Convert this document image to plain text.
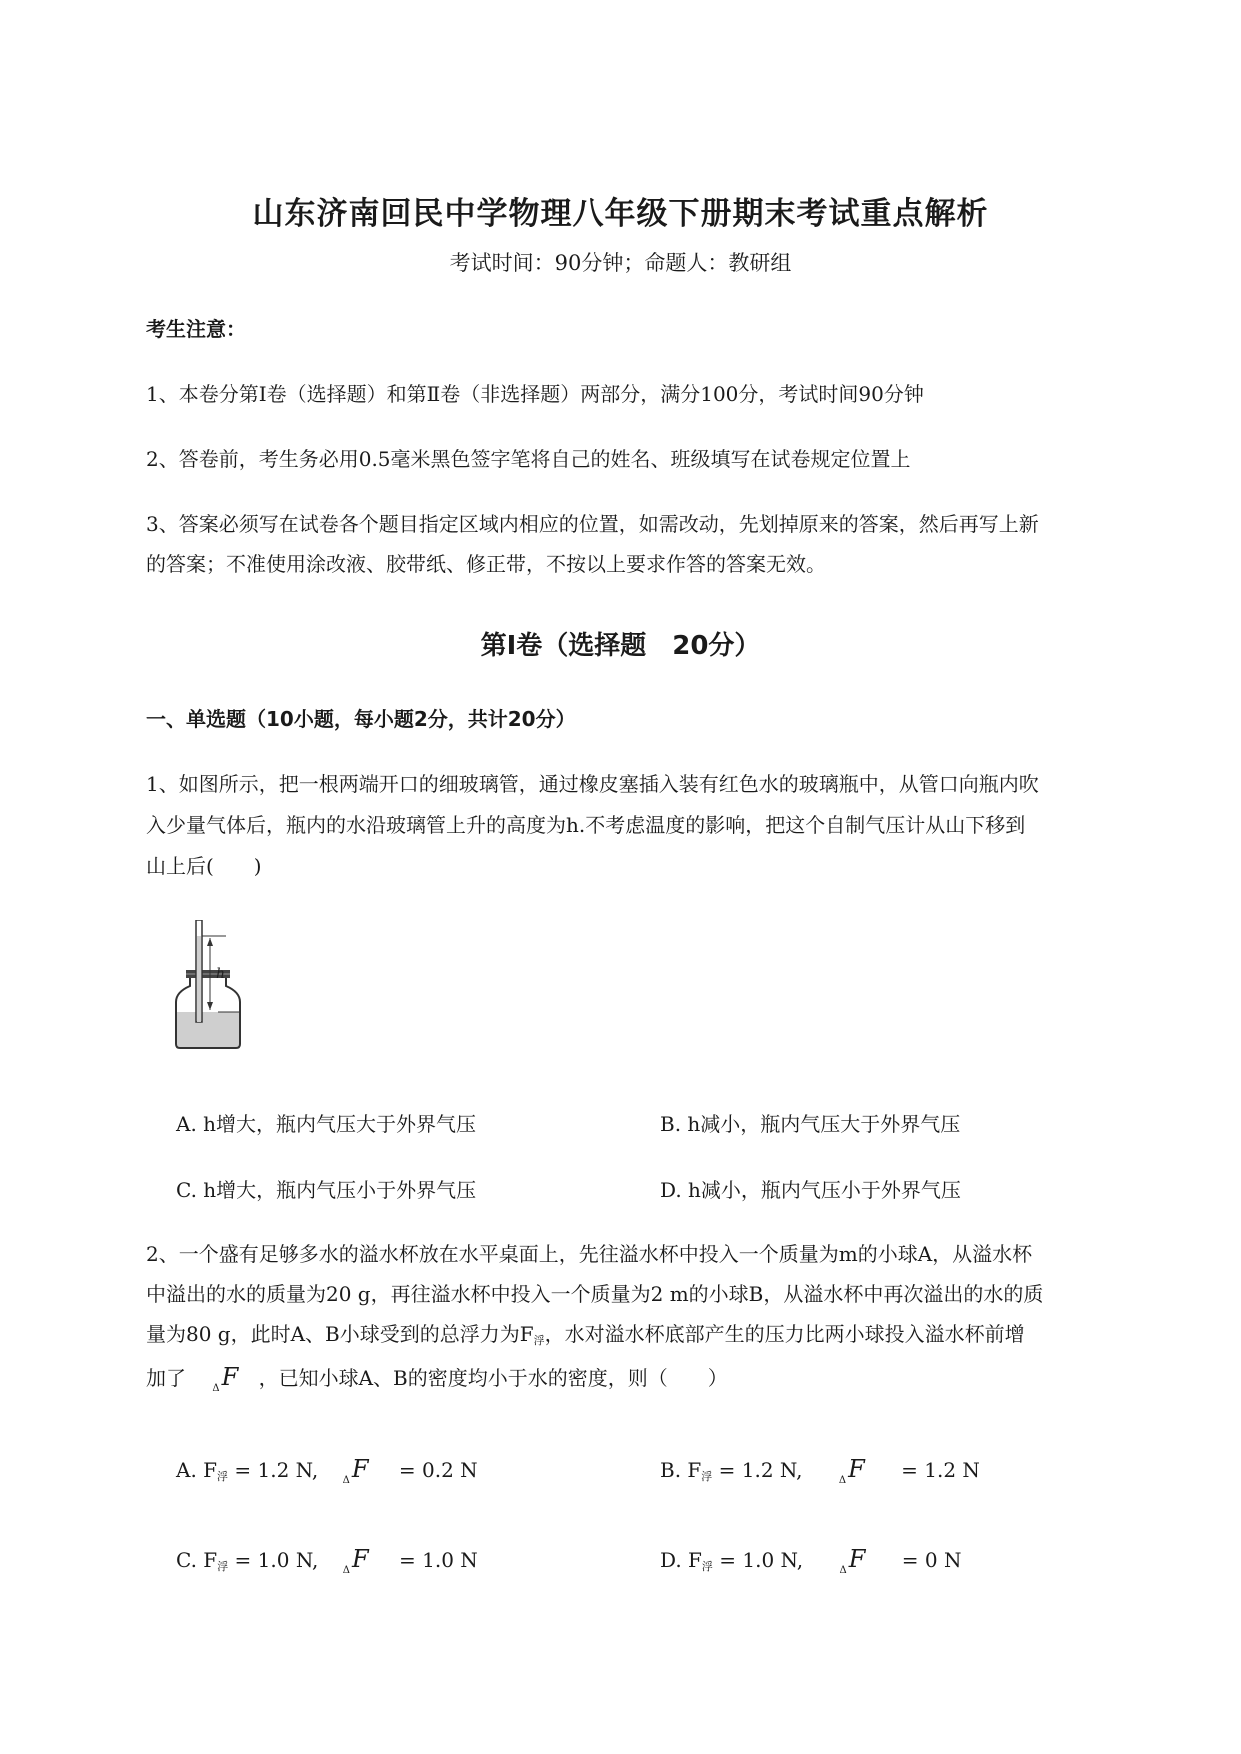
山东济南回民中学物理八年级下册期末考试重点解析
考试时间：90分钟；命题人：教研组
考生注意：
1、本卷分第Ⅰ卷（选择题）和第Ⅱ卷（非选择题）两部分，满分100分，考试时间90分钟
2、答卷前，考生务必用0.5毫米黑色签字笔将自己的姓名、班级填写在试卷规定位置上
3、答案必须写在试卷各个题目指定区域内相应的位置，如需改动，先划掉原来的答案，然后再写上新
的答案；不准使用涂改液、胶带纸、修正带，不按以上要求作答的答案无效。
第Ⅰ卷（选择题　20分）
一、单选题（10小题，每小题2分，共计20分）
1、如图所示，把一根两端开口的细玻璃管，通过橡皮塞插入装有红色水的玻璃瓶中，从管口向瓶内吹
入少量气体后，瓶内的水沿玻璃管上升的高度为h.不考虑温度的影响，把这个自制气压计从山下移到
山上后(　　)
h
A. h增大，瓶内气压大于外界气压	B. h减小，瓶内气压大于外界气压
C. h增大，瓶内气压小于外界气压	D. h减小，瓶内气压小于外界气压
2、一个盛有足够多水的溢水杯放在水平桌面上，先往溢水杯中投入一个质量为m的小球A，从溢水杯
中溢出的水的质量为20 g，再往溢水杯中投入一个质量为2 m的小球B，从溢水杯中再次溢出的水的质
量为80 g，此时A、B小球受到的总浮力为$F_浮$，水对溢水杯底部产生的压力比两小球投入溢水杯前增
加了	$_\Delta$F ，已知小球A、B的密度均小于水的密度，则（　　）
A. $F_浮 = 1.2$ N, $_\Delta$F = 0.2 N	B. $F_浮 = 1.2$ N,	$_\Delta$F = 1.2 N
C. $F_浮 = 1.0$ N, $_\Delta$F = 1.0 N	D. $F_浮 = 1.0$ N,	$_\Delta$F = 0 N
